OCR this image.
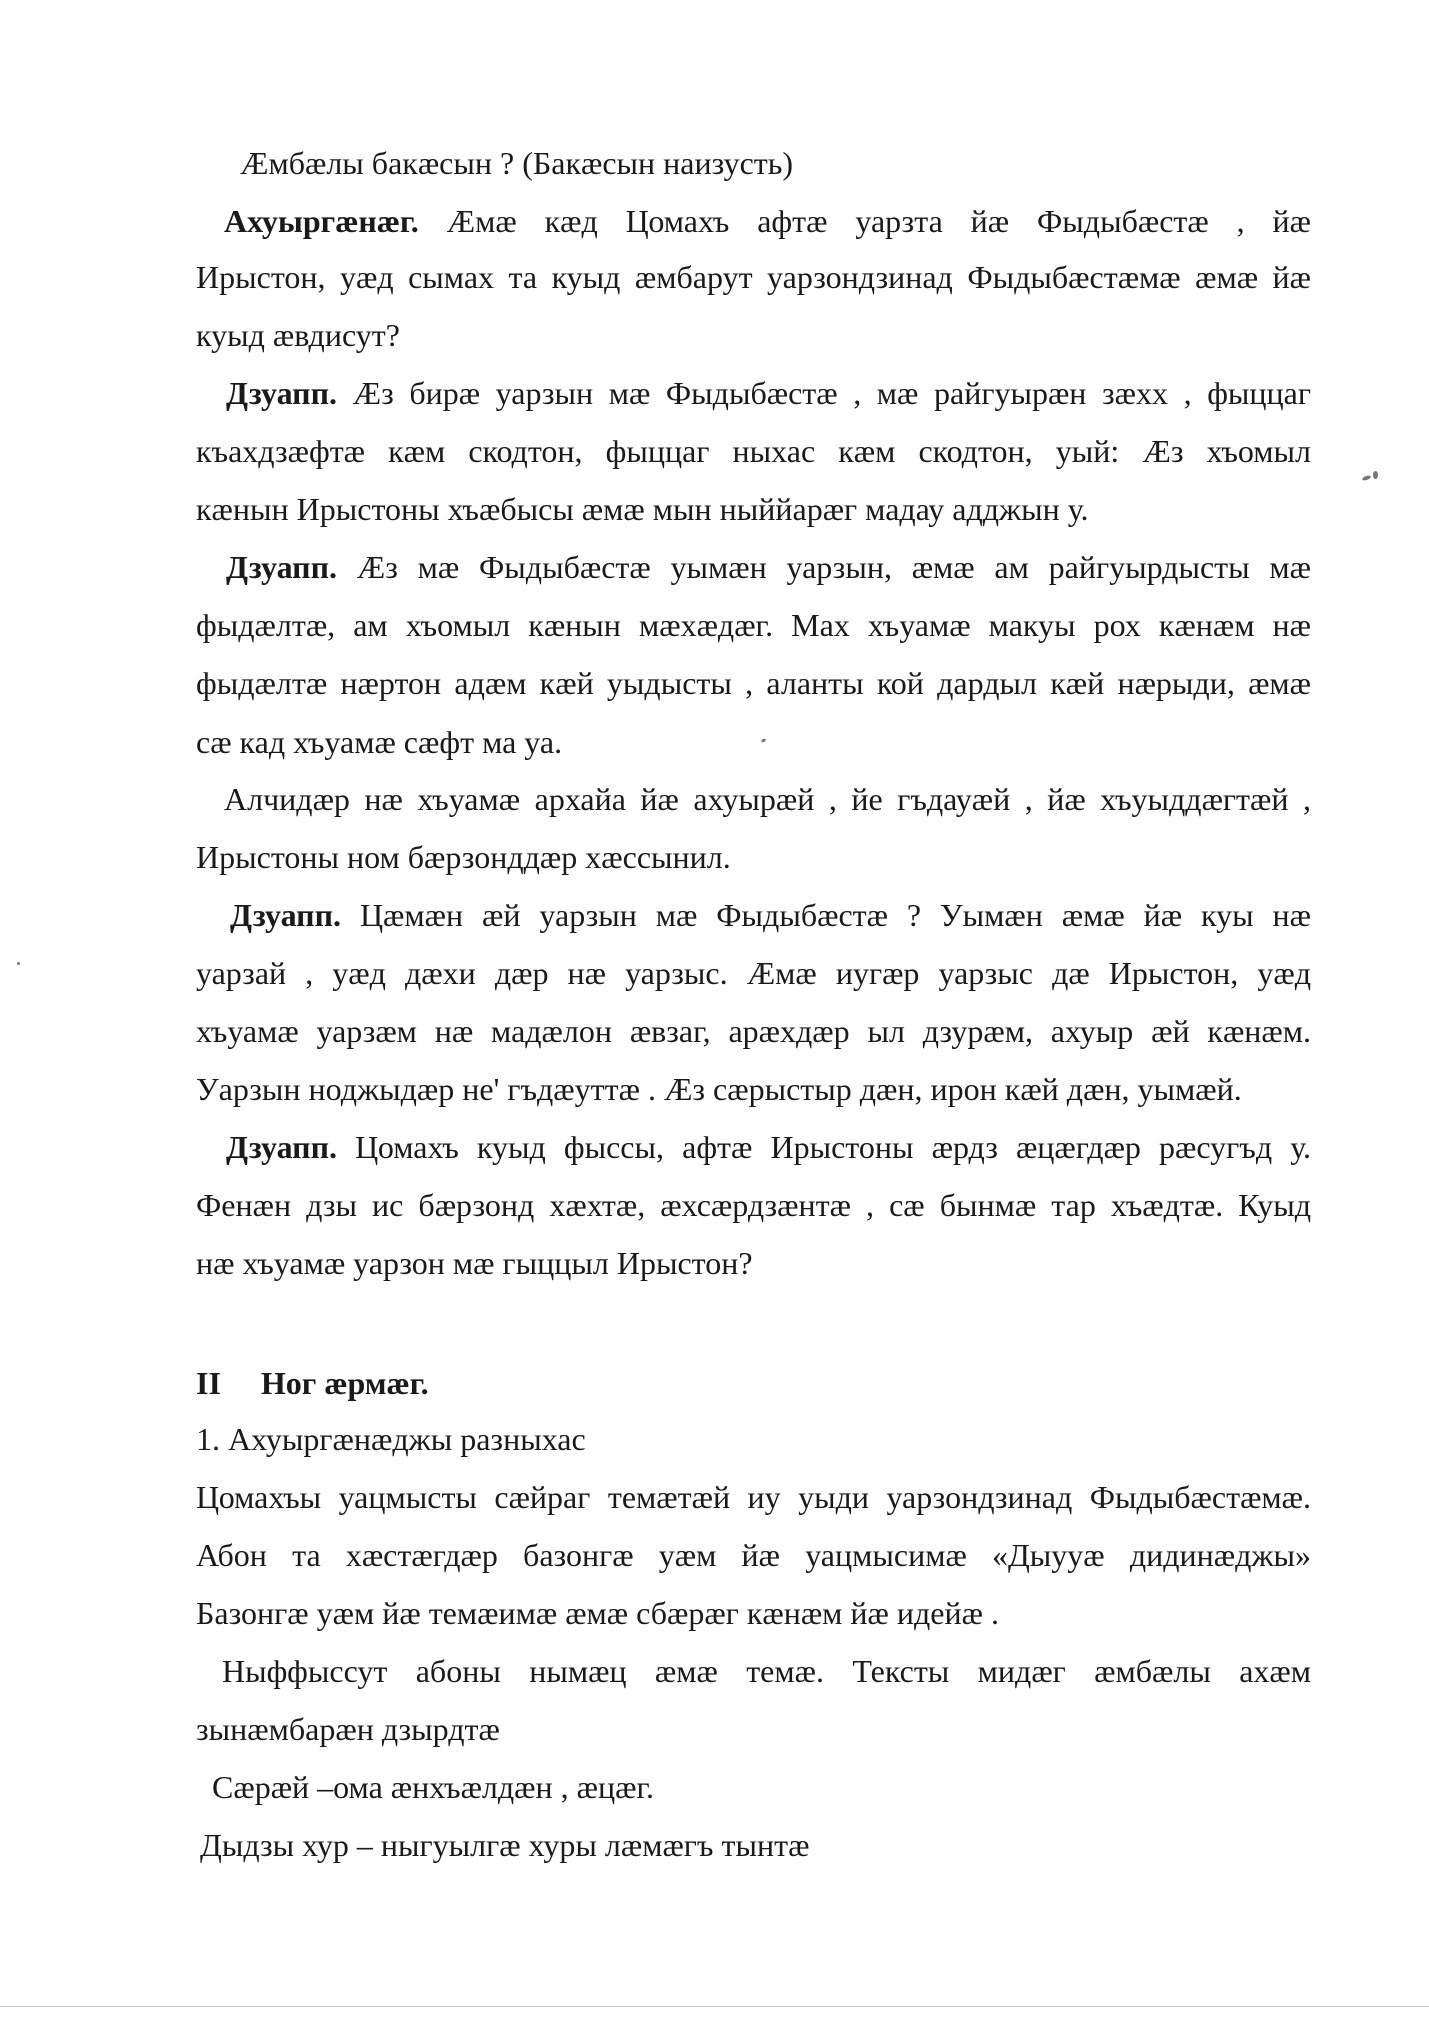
Æмбæлы бакæсын ? (Бакæсын наизусть)
Ахуыргæнæг. Æмæ кæд Цомахъ афтæ уарзта йæ Фыдыбæстæ , йæ
Ирыстон, уæд сымах та куыд æмбарут уарзондзинад Фыдыбæстæмæ æмæ йæ
куыд æвдисут?
Дзуапп. Æз бирæ уарзын мæ Фыдыбæстæ , мæ райгуырæн зæхх , фыццаг
къахдзæфтæ кæм скодтон, фыццаг ныхас кæм скодтон, уый: Æз хъомыл
кæнын Ирыстоны хъæбысы æмæ мын ныййарæг мадау адджын у.
Дзуапп. Æз мæ Фыдыбæстæ уымæн уарзын, æмæ ам райгуырдысты мæ
фыдæлтæ, ам хъомыл кæнын мæхæдæг. Мах хъуамæ макуы рох кæнæм нæ
фыдæлтæ нæртон адæм кæй уыдысты , аланты кой дардыл кæй нæрыди, æмæ
сæ кад хъуамæ сæфт ма уа.
Алчидæр нæ хъуамæ архайа йæ ахуырæй , йе гъдауæй , йæ хъуыддæгтæй ,
Ирыстоны ном бæрзонддæр хæссынил.
Дзуапп. Цæмæн æй уарзын мæ Фыдыбæстæ ? Уымæн æмæ йæ куы нæ
уарзай , уæд дæхи дæр нæ уарзыс. Æмæ иугæр уарзыс дæ Ирыстон, уæд
хъуамæ уарзæм нæ мадæлон æвзаг, арæхдæр ыл дзурæм, ахуыр æй кæнæм.
Уарзын ноджыдæр не' гъдæуттæ . Æз сæрыстыр дæн, ирон кæй дæн, уымæй.
Дзуапп. Цомахъ куыд фыссы, афтæ Ирыстоны æрдз æцæгдæр рæсугъд у.
Фенæн дзы ис бæрзонд хæхтæ, æхсæрдзæнтæ , сæ бынмæ тар хъæдтæ. Куыд
нæ хъуамæ уарзон мæ гыццыл Ирыстон?
II     Ног æрмæг.
1. Ахуыргæнæджы разныхас
Цомахъы уацмысты сæйраг темæтæй иу уыди уарзондзинад Фыдыбæстæмæ.
Абон та хæстæгдæр базонгæ уæм йæ уацмысимæ «Дыууæ дидинæджы»
Базонгæ уæм йæ темæимæ æмæ сбæрæг кæнæм йæ идейæ .
Ныффыссут абоны нымæц æмæ темæ. Тексты мидæг æмбæлы ахæм
зынæмбарæн дзырдтæ
Сæрæй –ома æнхъæлдæн , æцæг.
Дыдзы хур – ныгуылгæ хуры лæмæгъ тынтæ
